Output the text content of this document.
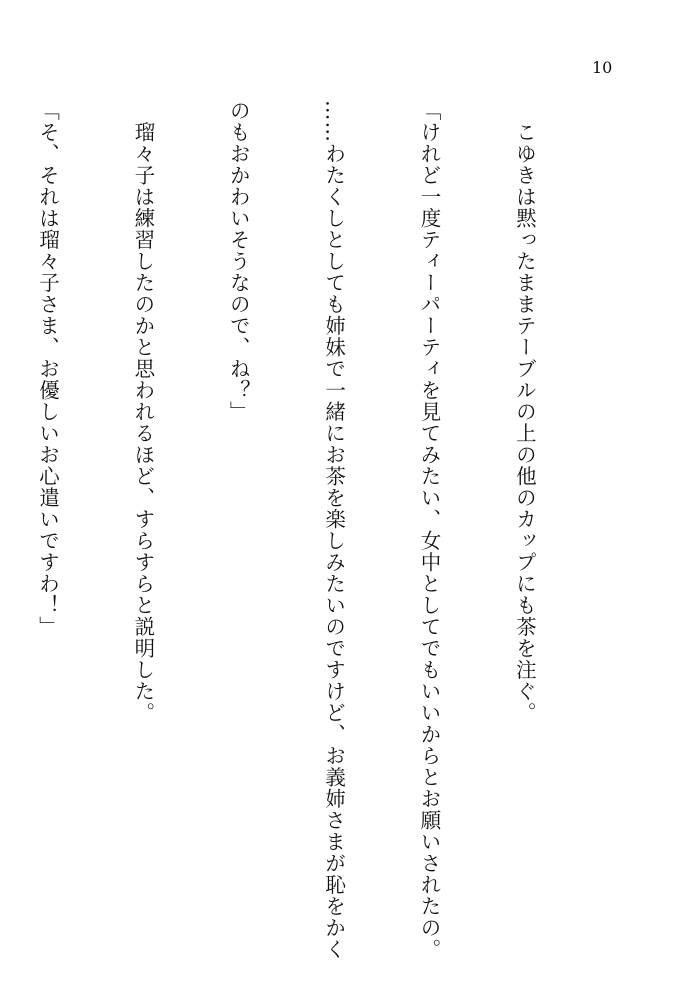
10

　こゆきは黙ったままテーブルの上の他のカップにも茶を注ぐ。

「けれど一度ティーパーティを見てみたい、女中としてでもいいからとお願いされたの。

……わたくしとしても姉妹で一緒にお茶を楽しみたいのですけど、お義姉さまが恥をかく

のもおかわいそうなので、ね？」

　瑠々子は練習したのかと思われるほど、すらすらと説明した。

「そ、それは瑠々子さま、お優しいお心遣いですわ！」
